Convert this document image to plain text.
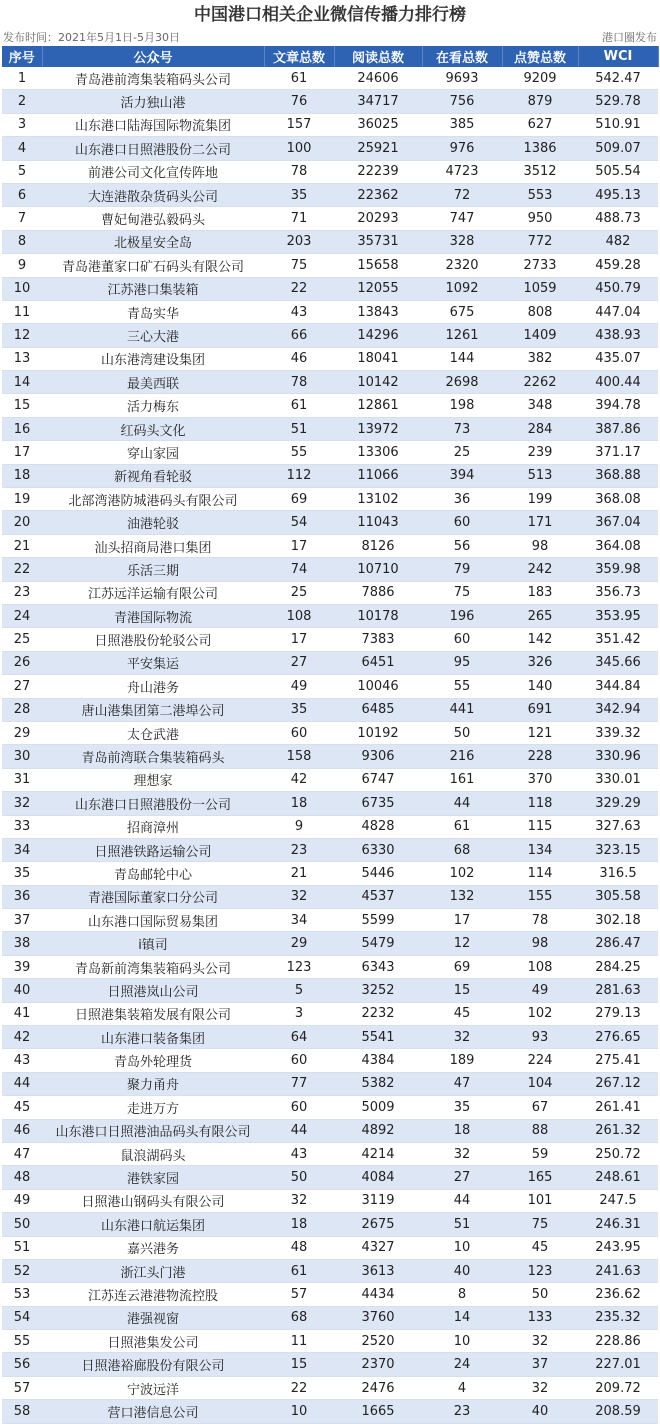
中国港口相关企业微信传播力排行榜
发布时间：2021年5月1日-5月30日	港口圈发布
序号	公众号	文章总数	阅读总数	在看总数	点赞总数	WCI
1	青岛港前湾集装箱码头公司	61	24606	9693	9209	542.47
2	活力独山港	76	34717	756	879	529.78
3	山东港口陆海国际物流集团	157	36025	385	627	510.91
4	山东港口日照港股份二公司	100	25921	976	1386	509.07
5	前港公司文化宣传阵地	78	22239	4723	3512	505.54
6	大连港散杂货码头公司	35	22362	72	553	495.13
7	曹妃甸港弘毅码头	71	20293	747	950	488.73
8	北极星安全岛	203	35731	328	772	482
9	青岛港董家口矿石码头有限公司	75	15658	2320	2733	459.28
10	江苏港口集装箱	22	12055	1092	1059	450.79
11	青岛实华	43	13843	675	808	447.04
12	三心大港	66	14296	1261	1409	438.93
13	山东港湾建设集团	46	18041	144	382	435.07
14	最美西联	78	10142	2698	2262	400.44
15	活力梅东	61	12861	198	348	394.78
16	红码头文化	51	13972	73	284	387.86
17	穿山家园	55	13306	25	239	371.17
18	新视角看轮驳	112	11066	394	513	368.88
19	北部湾港防城港码头有限公司	69	13102	36	199	368.08
20	油港轮驳	54	11043	60	171	367.04
21	汕头招商局港口集团	17	8126	56	98	364.08
22	乐活三期	74	10710	79	242	359.98
23	江苏远洋运输有限公司	25	7886	75	183	356.73
24	青港国际物流	108	10178	196	265	353.95
25	日照港股份轮驳公司	17	7383	60	142	351.42
26	平安集运	27	6451	95	326	345.66
27	舟山港务	49	10046	55	140	344.84
28	唐山港集团第二港埠公司	35	6485	441	691	342.94
29	太仓武港	60	10192	50	121	339.32
30	青岛前湾联合集装箱码头	158	9306	216	228	330.96
31	理想家	42	6747	161	370	330.01
32	山东港口日照港股份一公司	18	6735	44	118	329.29
33	招商漳州	9	4828	61	115	327.63
34	日照港铁路运输公司	23	6330	68	134	323.15
35	青岛邮轮中心	21	5446	102	114	316.5
36	青港国际董家口分公司	32	4537	132	155	305.58
37	山东港口国际贸易集团	34	5599	17	78	302.18
38	i镇司	29	5479	12	98	286.47
39	青岛新前湾集装箱码头公司	123	6343	69	108	284.25
40	日照港岚山公司	5	3252	15	49	281.63
41	日照港集装箱发展有限公司	3	2232	45	102	279.13
42	山东港口装备集团	64	5541	32	93	276.65
43	青岛外轮理货	60	4384	189	224	275.41
44	聚力甬舟	77	5382	47	104	267.12
45	走进万方	60	5009	35	67	261.41
46	山东港口日照港油品码头有限公司	44	4892	18	88	261.32
47	鼠浪湖码头	43	4214	32	59	250.72
48	港铁家园	50	4084	27	165	248.61
49	日照港山钢码头有限公司	32	3119	44	101	247.5
50	山东港口航运集团	18	2675	51	75	246.31
51	嘉兴港务	48	4327	10	45	243.95
52	浙江头门港	61	3613	40	123	241.63
53	江苏连云港港物流控股	57	4434	8	50	236.62
54	港强视窗	68	3760	14	133	235.32
55	日照港集发公司	11	2520	10	32	228.86
56	日照港裕廊股份有限公司	15	2370	24	37	227.01
57	宁波远洋	22	2476	4	32	209.72
58	营口港信息公司	10	1665	23	40	208.59
